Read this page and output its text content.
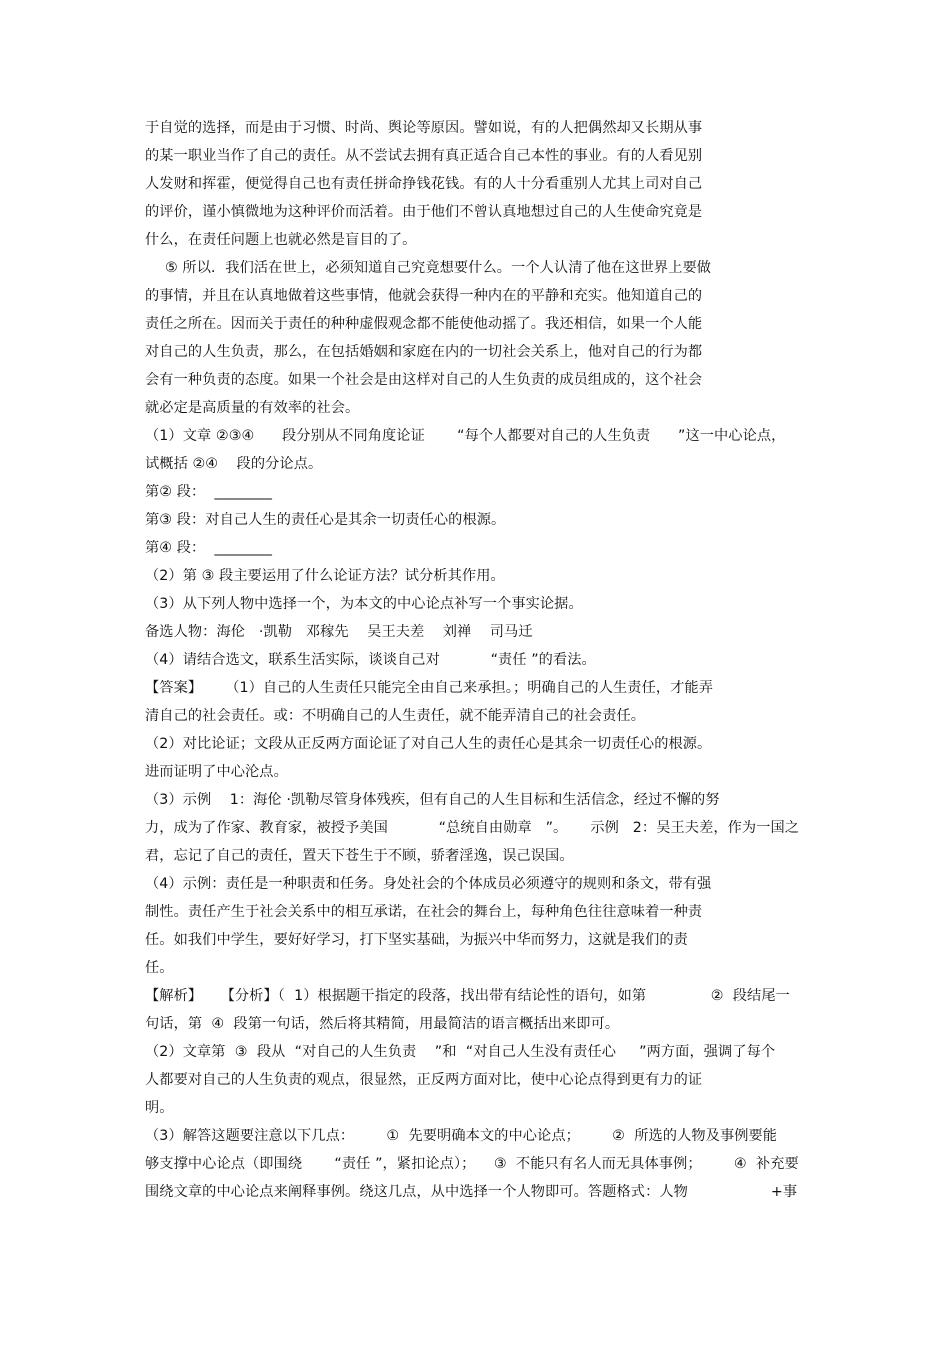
于自觉的选择，而是由于习惯、时尚、舆论等原因。譬如说，有的人把偶然却又长期从事
的某一职业当作了自己的责任。从不尝试去拥有真正适合自己本性的事业。有的人看见别
人发财和挥霍，便觉得自己也有责任拼命挣钱花钱。有的人十分看重别人尤其上司对自己
的评价，谨小慎微地为这种评价而活着。由于他们不曾认真地想过自己的人生使命究竟是
什么，在责任问题上也就必然是盲目的了。
⑤ 所以．我们活在世上，必须知道自己究竟想要什么。一个人认清了他在这世界上要做
的事情，并且在认真地做着这些事情，他就会获得一种内在的平静和充实。他知道自己的
责任之所在。因而关于责任的种种虚假观念都不能使他动摇了。我还相信，如果一个人能
对自己的人生负责，那么，在包括婚姻和家庭在内的一切社会关系上，他对自己的行为都
会有一种负责的态度。如果一个社会是由这样对自己的人生负责的成员组成的，这个社会
就必定是高质量的有效率的社会。
（1）文章 ②③④      段分别从不同角度论证       “每个人都要对自己的人生负责      ”这一中心论点，
试概括 ②④    段的分论点。
第② 段：  ________
第③ 段：对自己人生的责任心是其余一切责任心的根源。
第④ 段：  ________
（2）第 ③ 段主要运用了什么论证方法？试分析其作用。
（3）从下列人物中选择一个，为本文的中心论点补写一个事实论据。
备选人物：海伦   ·凯勒   邓稼先    吴王夫差    刘禅    司马迁
（4）请结合选文，联系生活实际，谈谈自己对           “责任 ”的看法。
【答案】     （1）自己的人生责任只能完全由自己来承担。；明确自己的人生责任，才能弄
清自己的社会责任。或：不明确自己的人生责任，就不能弄清自己的社会责任。
（2）对比论证；文段从正反两方面论证了对自己人生的责任心是其余一切责任心的根源。
进而证明了中心沦点。
（3）示例    1：海伦 ·凯勒尽管身体残疾，但有自己的人生目标和生活信念，经过不懈的努
力，成为了作家、教育家，被授予美国           “总统自由勋章   ”。     示例   2：吴王夫差，作为一国之
君，忘记了自己的责任，置天下苍生于不顾，骄奢淫逸，误己误国。
（4）示例：责任是一种职责和任务。身处社会的个体成员必须遵守的规则和条文，带有强
制性。责任产生于社会关系中的相互承诺，在社会的舞台上，每种角色往往意味着一种责
任。如我们中学生，要好好学习，打下坚实基础，为振兴中华而努力，这就是我们的责
任。
【解析】    【分析】（  1）根据题干指定的段落，找出带有结论性的语句，如第              ②  段结尾一
句话，第  ④  段第一句话，然后将其精简，用最简洁的语言概括出来即可。
（2）文章第  ③  段从  “对自己的人生负责    ”和  “对自己人生没有责任心     ”两方面，强调了每个
人都要对自己的人生负责的观点，很显然，正反两方面对比，使中心论点得到更有力的证
明。
（3）解答这题要注意以下几点：       ①  先要明确本文的中心论点；       ②  所选的人物及事例要能
够支撑中心论点（即围绕       “责任 ”，紧扣论点）；    ③  不能只有名人而无具体事例；       ④  补充要
围绕文章的中心论点来阐释事例。绕这几点，从中选择一个人物即可。答题格式：人物                  +事
